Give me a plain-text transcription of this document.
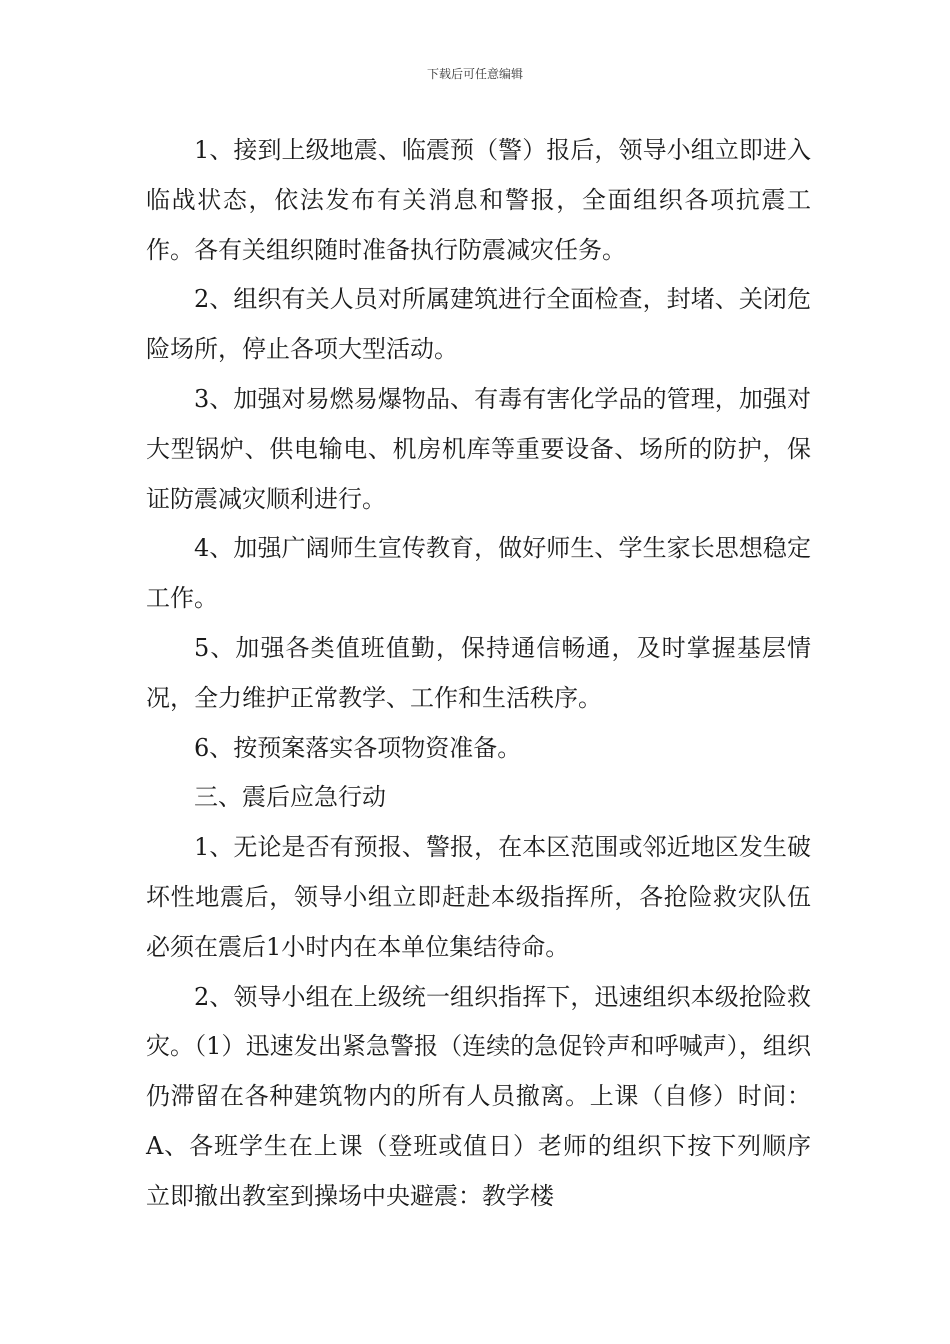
下载后可任意编辑

1、接到上级地震、临震预（警）报后，领导小组立即进入临战状态，依法发布有关消息和警报，全面组织各项抗震工作。各有关组织随时准备执行防震减灾任务。

2、组织有关人员对所属建筑进行全面检查，封堵、关闭危险场所，停止各项大型活动。

3、加强对易燃易爆物品、有毒有害化学品的管理，加强对大型锅炉、供电输电、机房机库等重要设备、场所的防护，保证防震减灾顺利进行。

4、加强广阔师生宣传教育，做好师生、学生家长思想稳定工作。

5、加强各类值班值勤，保持通信畅通，及时掌握基层情况，全力维护正常教学、工作和生活秩序。

6、按预案落实各项物资准备。

三、震后应急行动

1、无论是否有预报、警报，在本区范围或邻近地区发生破坏性地震后，领导小组立即赶赴本级指挥所，各抢险救灾队伍必须在震后1小时内在本单位集结待命。

2、领导小组在上级统一组织指挥下，迅速组织本级抢险救灾。（1）迅速发出紧急警报（连续的急促铃声和呼喊声），组织仍滞留在各种建筑物内的所有人员撤离。上课（自修）时间：A、各班学生在上课（登班或值日）老师的组织下按下列顺序立即撤出教室到操场中央避震：教学楼
